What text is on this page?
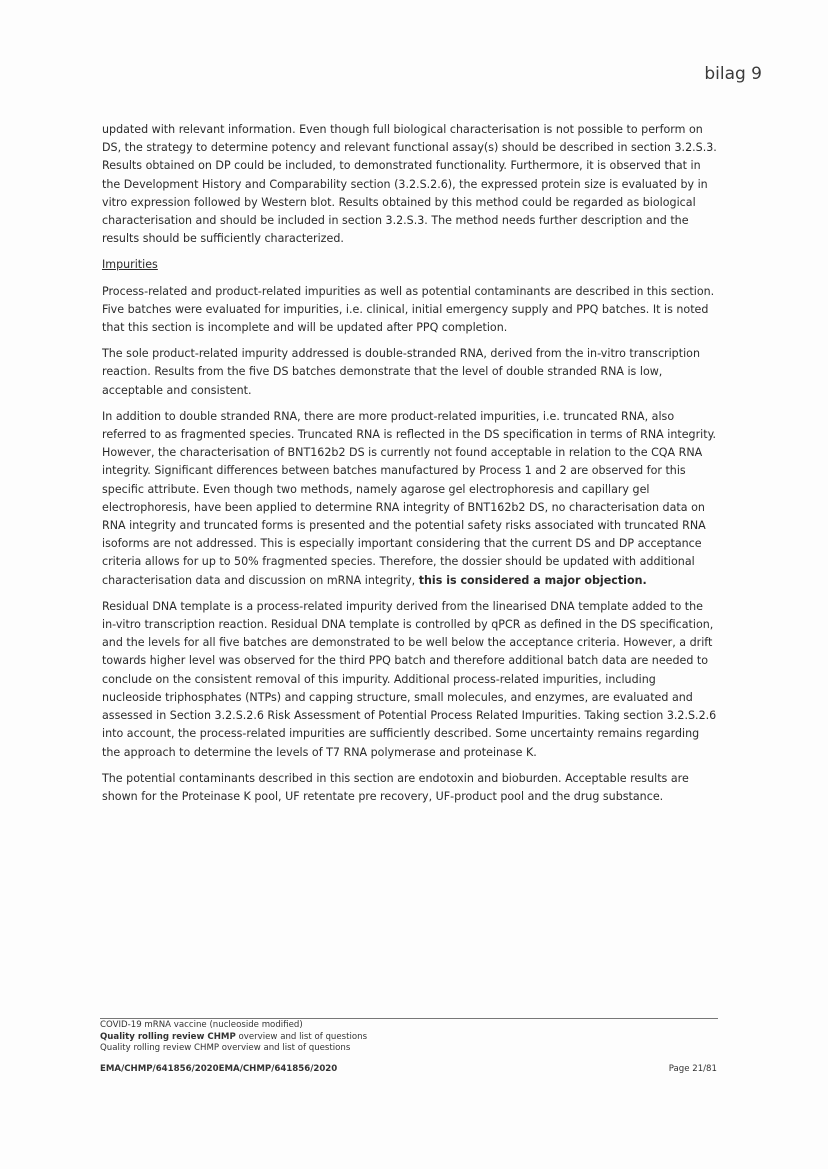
bilag 9

updated with relevant information. Even though full biological characterisation is not possible to perform on DS, the strategy to determine potency and relevant functional assay(s) should be described in section 3.2.S.3. Results obtained on DP could be included, to demonstrated functionality. Furthermore, it is observed that in the Development History and Comparability section (3.2.S.2.6), the expressed protein size is evaluated by in vitro expression followed by Western blot. Results obtained by this method could be regarded as biological characterisation and should be included in section 3.2.S.3. The method needs further description and the results should be sufficiently characterized.

Impurities

Process-related and product-related impurities as well as potential contaminants are described in this section. Five batches were evaluated for impurities, i.e. clinical, initial emergency supply and PPQ batches. It is noted that this section is incomplete and will be updated after PPQ completion.

The sole product-related impurity addressed is double-stranded RNA, derived from the in-vitro transcription reaction. Results from the five DS batches demonstrate that the level of double stranded RNA is low, acceptable and consistent.

In addition to double stranded RNA, there are more product-related impurities, i.e. truncated RNA, also referred to as fragmented species. Truncated RNA is reflected in the DS specification in terms of RNA integrity. However, the characterisation of BNT162b2 DS is currently not found acceptable in relation to the CQA RNA integrity. Significant differences between batches manufactured by Process 1 and 2 are observed for this specific attribute. Even though two methods, namely agarose gel electrophoresis and capillary gel electrophoresis, have been applied to determine RNA integrity of BNT162b2 DS, no characterisation data on RNA integrity and truncated forms is presented and the potential safety risks associated with truncated RNA isoforms are not addressed. This is especially important considering that the current DS and DP acceptance criteria allows for up to 50% fragmented species. Therefore, the dossier should be updated with additional characterisation data and discussion on mRNA integrity, this is considered a major objection.

Residual DNA template is a process-related impurity derived from the linearised DNA template added to the in-vitro transcription reaction. Residual DNA template is controlled by qPCR as defined in the DS specification, and the levels for all five batches are demonstrated to be well below the acceptance criteria. However, a drift towards higher level was observed for the third PPQ batch and therefore additional batch data are needed to conclude on the consistent removal of this impurity. Additional process-related impurities, including nucleoside triphosphates (NTPs) and capping structure, small molecules, and enzymes, are evaluated and assessed in Section 3.2.S.2.6 Risk Assessment of Potential Process Related Impurities. Taking section 3.2.S.2.6 into account, the process-related impurities are sufficiently described. Some uncertainty remains regarding the approach to determine the levels of T7 RNA polymerase and proteinase K.

The potential contaminants described in this section are endotoxin and bioburden. Acceptable results are shown for the Proteinase K pool, UF retentate pre recovery, UF-product pool and the drug substance.

COVID-19 mRNA vaccine (nucleoside modified)
Quality rolling review CHMP overview and list of questions
Quality rolling review CHMP overview and list of questions
EMA/CHMP/641856/2020EMA/CHMP/641856/2020	Page 21/81
